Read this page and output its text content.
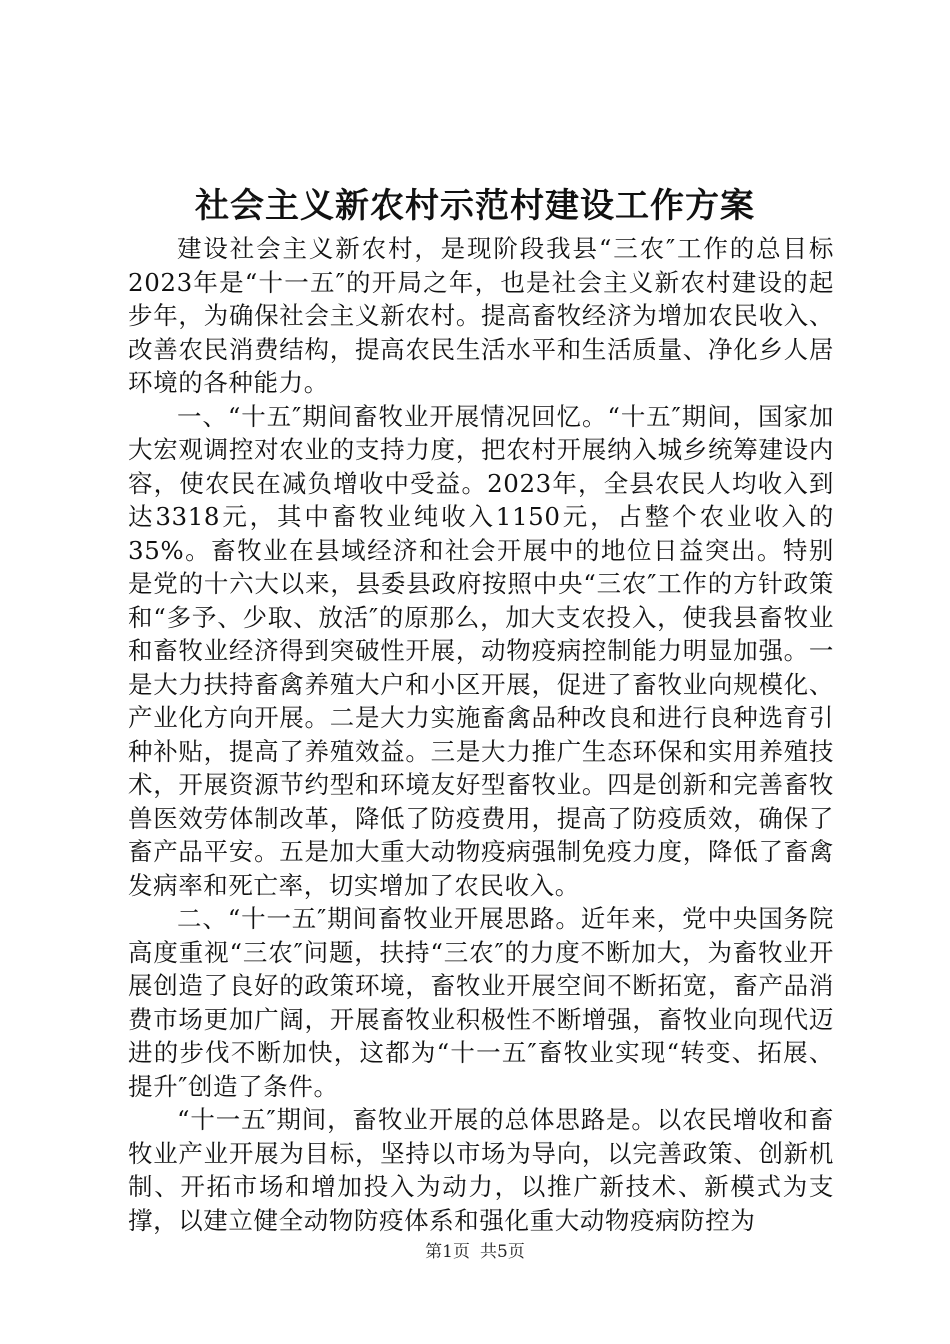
社会主义新农村示范村建设工作方案

建设社会主义新农村，是现阶段我县“三农″工作的总目标2023年是“十一五″的开局之年，也是社会主义新农村建设的起步年，为确保社会主义新农村。提高畜牧经济为增加农民收入、改善农民消费结构，提高农民生活水平和生活质量、净化乡人居环境的各种能力。

一、“十五″期间畜牧业开展情况回忆。“十五″期间，国家加大宏观调控对农业的支持力度，把农村开展纳入城乡统筹建设内容，使农民在减负增收中受益。2023年，全县农民人均收入到达3318元，其中畜牧业纯收入1150元，占整个农业收入的35%。畜牧业在县域经济和社会开展中的地位日益突出。特别是党的十六大以来，县委县政府按照中央“三农″工作的方针政策和“多予、少取、放活″的原那么，加大支农投入，使我县畜牧业和畜牧业经济得到突破性开展，动物疫病控制能力明显加强。一是大力扶持畜禽养殖大户和小区开展，促进了畜牧业向规模化、产业化方向开展。二是大力实施畜禽品种改良和进行良种选育引种补贴，提高了养殖效益。三是大力推广生态环保和实用养殖技术，开展资源节约型和环境友好型畜牧业。四是创新和完善畜牧兽医效劳体制改革，降低了防疫费用，提高了防疫质效，确保了畜产品平安。五是加大重大动物疫病强制免疫力度，降低了畜禽发病率和死亡率，切实增加了农民收入。

二、“十一五″期间畜牧业开展思路。近年来，党中央国务院高度重视“三农″问题，扶持“三农″的力度不断加大，为畜牧业开展创造了良好的政策环境，畜牧业开展空间不断拓宽，畜产品消费市场更加广阔，开展畜牧业积极性不断增强，畜牧业向现代迈进的步伐不断加快，这都为“十一五″畜牧业实现“转变、拓展、提升″创造了条件。

“十一五″期间，畜牧业开展的总体思路是。以农民增收和畜牧业产业开展为目标，坚持以市场为导向，以完善政策、创新机制、开拓市场和增加投入为动力，以推广新技术、新模式为支撑，以建立健全动物防疫体系和强化重大动物疫病防控为

第1页 共5页
